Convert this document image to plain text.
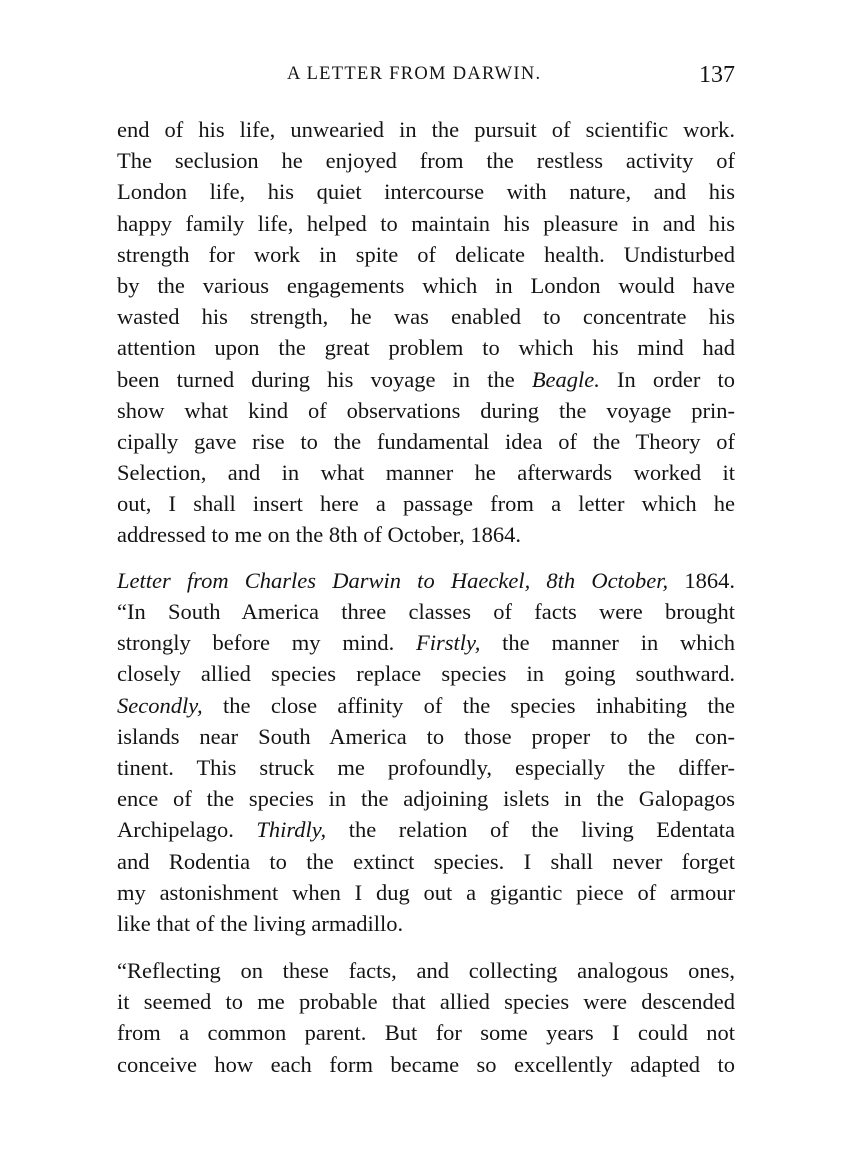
A LETTER FROM DARWIN.	137
end of his life, unwearied in the pursuit of scientific work.
The seclusion he enjoyed from the restless activity of
London life, his quiet intercourse with nature, and his
happy family life, helped to maintain his pleasure in and his
strength for work in spite of delicate health. Undisturbed
by the various engagements which in London would have
wasted his strength, he was enabled to concentrate his
attention upon the great problem to which his mind had
been turned during his voyage in the Beagle. In order to
show what kind of observations during the voyage prin-
cipally gave rise to the fundamental idea of the Theory of
Selection, and in what manner he afterwards worked it
out, I shall insert here a passage from a letter which he
addressed to me on the 8th of October, 1864.
Letter from Charles Darwin to Haeckel, 8th October, 1864.
“In South America three classes of facts were brought
strongly before my mind. Firstly, the manner in which
closely allied species replace species in going southward.
Secondly, the close affinity of the species inhabiting the
islands near South America to those proper to the con-
tinent. This struck me profoundly, especially the differ-
ence of the species in the adjoining islets in the Galopagos
Archipelago. Thirdly, the relation of the living Edentata
and Rodentia to the extinct species. I shall never forget
my astonishment when I dug out a gigantic piece of armour
like that of the living armadillo.
“Reflecting on these facts, and collecting analogous ones,
it seemed to me probable that allied species were descended
from a common parent. But for some years I could not
conceive how each form became so excellently adapted to
